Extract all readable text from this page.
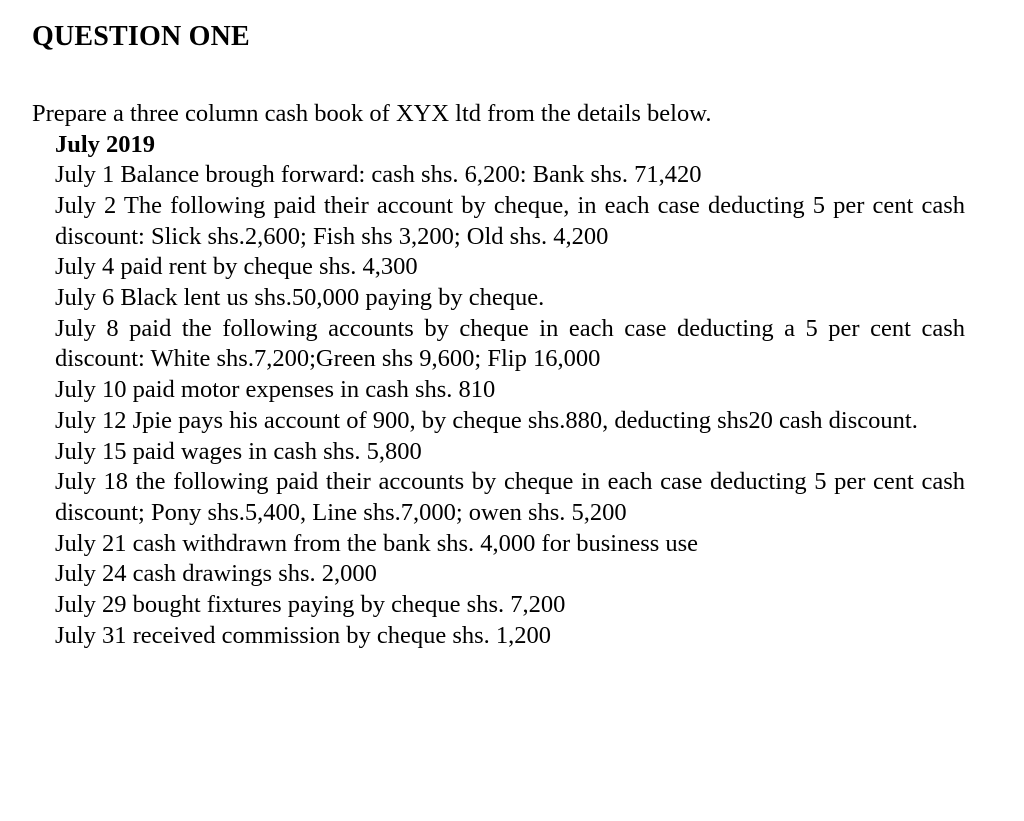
QUESTION ONE

Prepare a three column cash book of XYX ltd from the details below.

July 2019

July 1 Balance brough forward: cash shs. 6,200: Bank shs. 71,420

July 2 The following paid their account by cheque, in each case deducting 5 per cent cash discount: Slick shs.2,600; Fish shs 3,200; Old shs. 4,200

July 4 paid rent by cheque shs. 4,300

July 6 Black lent us shs.50,000 paying by cheque.

July 8 paid the following accounts by cheque in each case deducting a 5 per cent cash discount: White shs.7,200;Green shs 9,600; Flip 16,000

July 10 paid motor expenses in cash shs. 810

July 12 Jpie pays his account of 900, by cheque shs.880, deducting shs20 cash discount.

July 15 paid wages in cash shs. 5,800

July 18 the following paid their accounts by cheque in each case deducting 5 per cent cash discount; Pony shs.5,400, Line shs.7,000; owen shs. 5,200

July 21 cash withdrawn from the bank shs. 4,000 for business use

July 24 cash drawings shs. 2,000

July 29 bought fixtures paying by cheque shs. 7,200

July 31 received commission by cheque shs. 1,200
